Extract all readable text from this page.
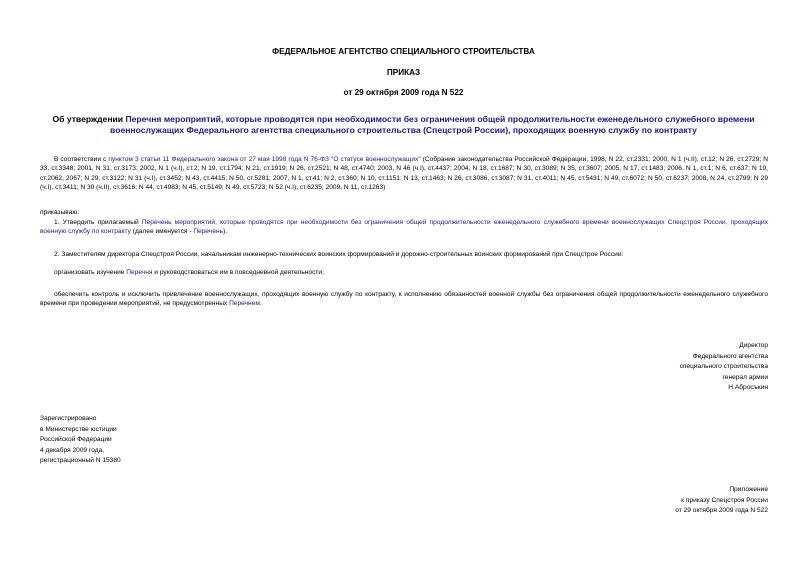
ФЕДЕРАЛЬНОЕ АГЕНТСТВО СПЕЦИАЛЬНОГО СТРОИТЕЛЬСТВА
ПРИКАЗ
от 29 октября 2009 года N 522
Об утверждении Перечня мероприятий, которые проводятся при необходимости без ограничения общей продолжительности еженедельного служебного времени военнослужащих Федерального агентства специального строительства (Спецстрой России), проходящих военную службу по контракту
В соответствии с пунктом 3 статьи 11 Федерального закона от 27 мая 1998 года N 76-ФЗ "О статусе военнослужащих" (Собрание законодательства Российской Федерации, 1998, N 22, ст.2331; 2000, N 1 (ч.II), ст.12; N 26, ст.2729; N 33, ст.3348; 2001, N 31, ст.3173; 2002, N 1 (ч.I), ст.2; N 19, ст.1794; N 21, ст.1919; N 26, ст.2521; N 48, ст.4740; 2003, N 46 (ч.I), ст.4437; 2004, N 18, ст.1687; N 30, ст.3089; N 35, ст.3607; 2005, N 17, ст.1483; 2006, N 1, ст.1; N 6, ст.637; N 19, ст.2062, 2067; N 29, ст.3122; N 31 (ч.I), ст.3452; N 43, ст.4415; N 50, ст.5281; 2007, N 1, ст.41; N 2, ст.360; N 10, ст.1151; N 13, ст.1463; N 26, ст.3086, ст.3087; N 31, ст.4011; N 45, ст.5431; N 49, ст.6072; N 50, ст.6237; 2008, N 24, ст.2799; N 29 (ч.I), ст.3411; N 30 (ч.II), ст.3616; N 44, ст.4983; N 45, ст.5149; N 49, ст.5723; N 52 (ч.I), ст.6235; 2009, N 11, ст.1263)
приказываю:
1. Утвердить прилагаемый Перечень мероприятий, которые проводятся при необходимости без ограничения общей продолжительности еженедельного служебного времени военнослужащих Спецстроя России, проходящих военную службу по контракту (далее именуется - Перечень).
2. Заместителям директора Спецстроя России, начальникам инженерно-технических воинских формирований и дорожно-строительных воинских формирований при Спецстрое России:
организовать изучение Перечня и руководствоваться им в повседневной деятельности;
обеспечить контроль и исключить привлечение военнослужащих, проходящих военную службу по контракту, к исполнению обязанностей военной службы без ограничения общей продолжительности еженедельного служебного времени при проведении мероприятий, не предусмотренных Перечнем.
Директор
Федерального агентства
специального строительства
генерал армии
Н.Абросъкин
Зарегистрировано
в Министерстве юстиции
Российской Федерации
4 декабря 2009 года,
регистрационный N 15380
Приложение
к приказу Спецстроя России
от 29 октября 2009 года N 522
